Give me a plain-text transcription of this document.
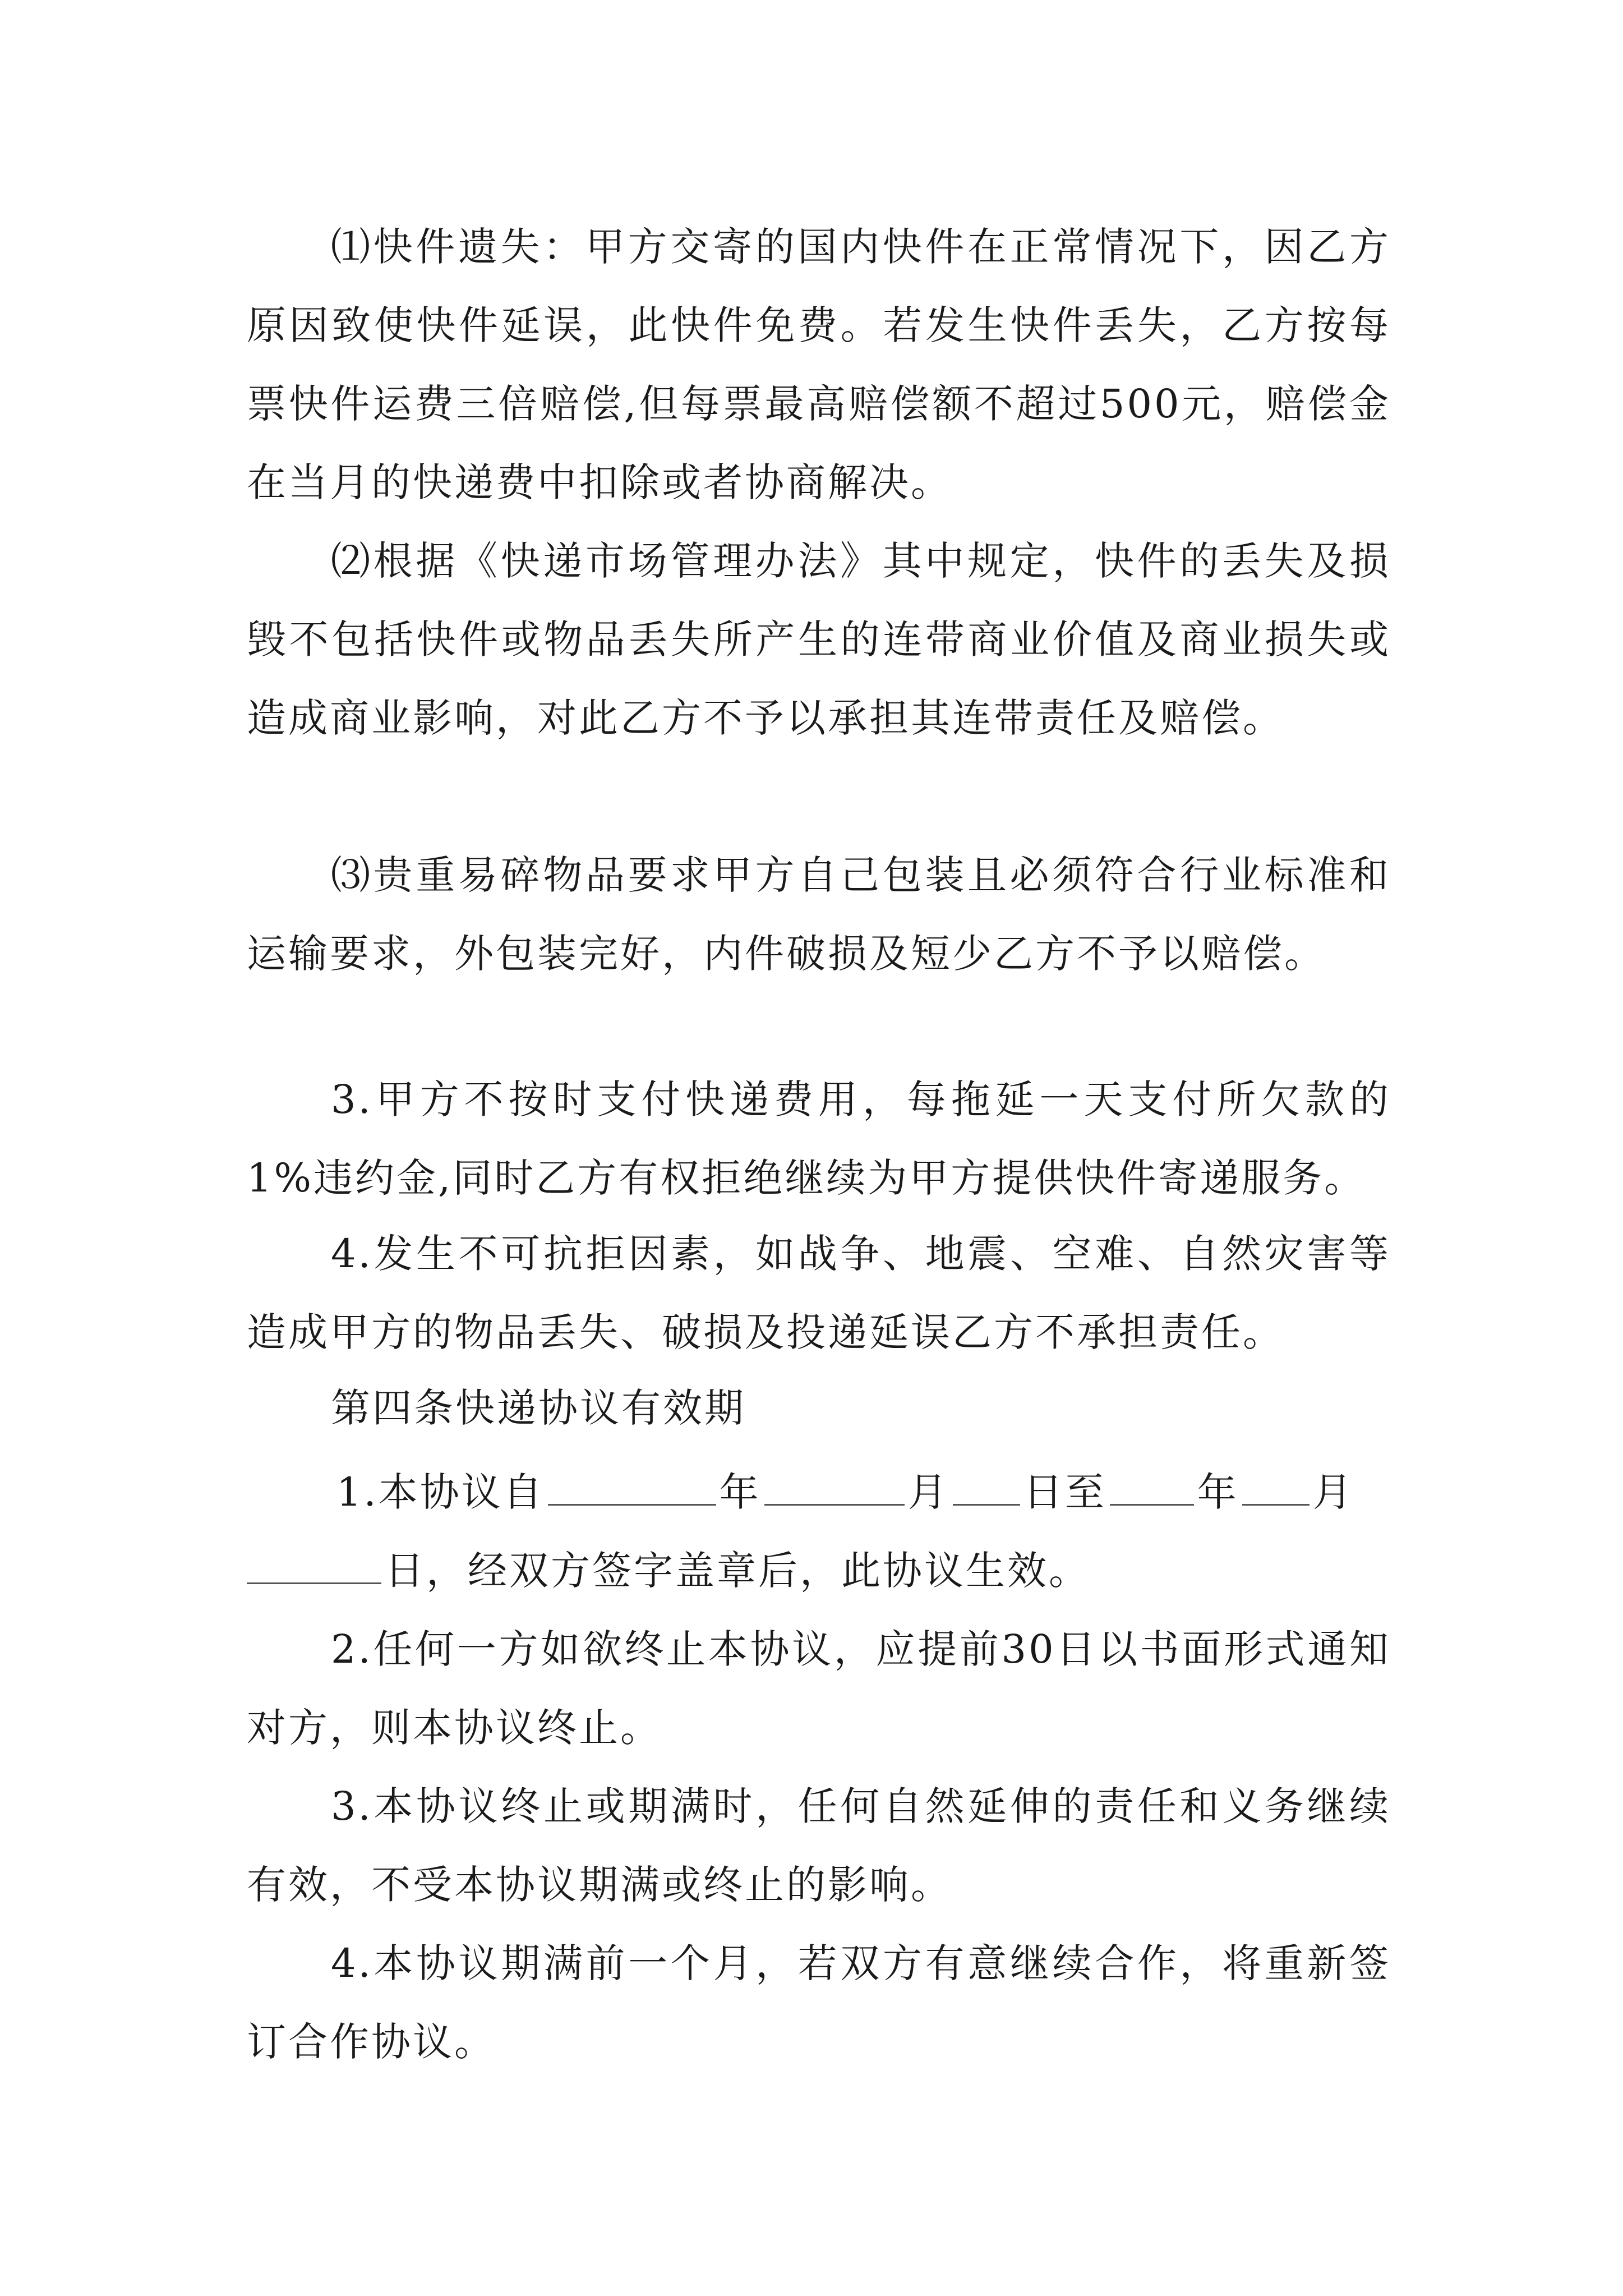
⑴快件遗失：甲方交寄的国内快件在正常情况下，因乙方原因致使快件延误，此快件免费。若发生快件丢失，乙方按每票快件运费三倍赔偿,但每票最高赔偿额不超过500元，赔偿金在当月的快递费中扣除或者协商解决。

⑵根据《快递市场管理办法》其中规定，快件的丢失及损毁不包括快件或物品丢失所产生的连带商业价值及商业损失或造成商业影响，对此乙方不予以承担其连带责任及赔偿。

⑶贵重易碎物品要求甲方自己包装且必须符合行业标准和运输要求，外包装完好，内件破损及短少乙方不予以赔偿。

3.甲方不按时支付快递费用，每拖延一天支付所欠款的1%违约金,同时乙方有权拒绝继续为甲方提供快件寄递服务。

4.发生不可抗拒因素，如战争、地震、空难、自然灾害等造成甲方的物品丢失、破损及投递延误乙方不承担责任。

第四条快递协议有效期

1.本协议自	年	月 日至 年 月
日，经双方签字盖章后，此协议生效。

2.任何一方如欲终止本协议，应提前30日以书面形式通知对方，则本协议终止。

3.本协议终止或期满时，任何自然延伸的责任和义务继续有效，不受本协议期满或终止的影响。

4.本协议期满前一个月，若双方有意继续合作，将重新签订合作协议。
